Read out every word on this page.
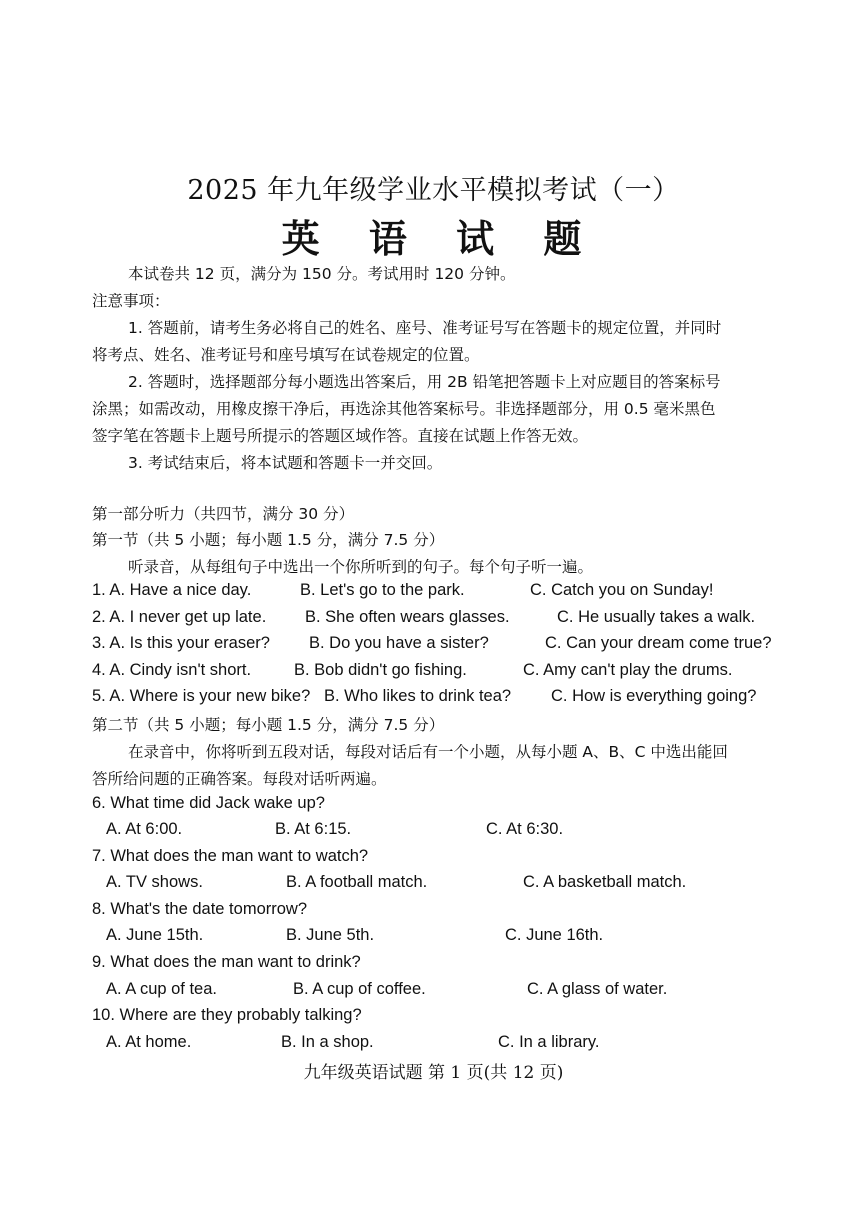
2025 年九年级学业水平模拟考试（一）
英 语 试 题
本试卷共 12 页，满分为 150 分。考试用时 120 分钟。
注意事项：
1. 答题前，请考生务必将自己的姓名、座号、准考证号写在答题卡的规定位置，并同时
将考点、姓名、准考证号和座号填写在试卷规定的位置。
2. 答题时，选择题部分每小题选出答案后，用 2B 铅笔把答题卡上对应题目的答案标号
涂黑；如需改动，用橡皮擦干净后，再选涂其他答案标号。非选择题部分，用 0.5 毫米黑色
签字笔在答题卡上题号所提示的答题区域作答。直接在试题上作答无效。
3. 考试结束后，将本试题和答题卡一并交回。
第一部分听力（共四节，满分 30 分）
第一节（共 5 小题；每小题 1.5 分，满分 7.5 分）
听录音，从每组句子中选出一个你所听到的句子。每个句子听一遍。
1. A. Have a nice day.	B. Let's go to the park.	C. Catch you on Sunday!
2. A. I never get up late. B. She often wears glasses.	C. He usually takes a walk.
3. A. Is this your eraser? B. Do you have a sister?	C. Can your dream come true?
4. A. Cindy isn't short.	B. Bob didn't go fishing.	C. Amy can't play the drums.
5. A. Where is your new bike? B. Who likes to drink tea? C. How is everything going?
第二节（共 5 小题；每小题 1.5 分，满分 7.5 分）
在录音中，你将听到五段对话，每段对话后有一个小题，从每小题 A、B、C 中选出能回
答所给问题的正确答案。每段对话听两遍。
6. What time did Jack wake up?
A. At 6:00.	B. At 6:15.	C. At 6:30.
7. What does the man want to watch?
A. TV shows.	B. A football match.	C. A basketball match.
8. What's the date tomorrow?
A. June 15th.	B. June 5th.	C. June 16th.
9. What does the man want to drink?
A. A cup of tea.	B. A cup of coffee.	C. A glass of water.
10. Where are they probably talking?
A. At home.	B. In a shop.	C. In a library.
九年级英语试题 第 1 页(共 12 页)
